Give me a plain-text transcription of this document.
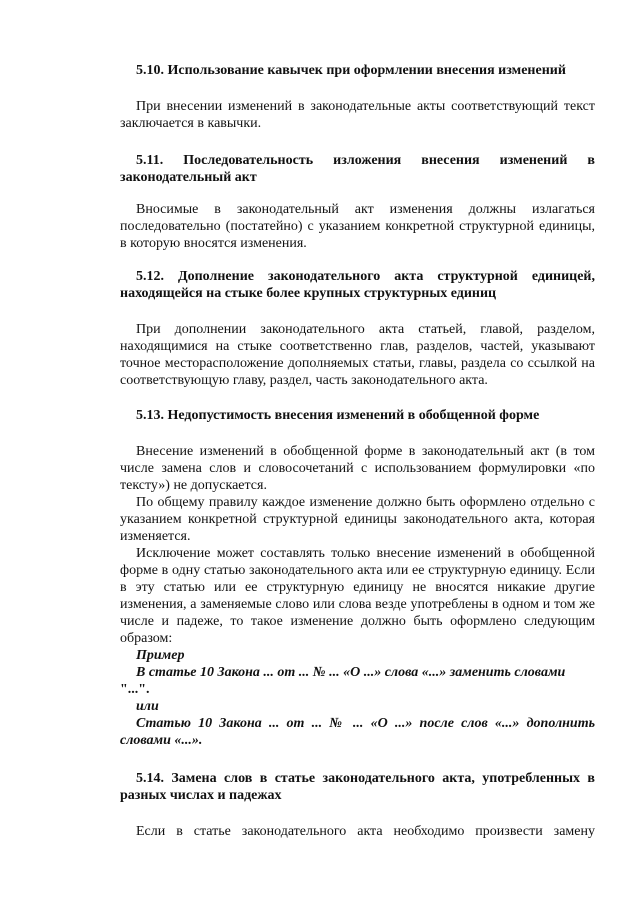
5.10. Использование кавычек при оформлении внесения изменений

При внесении изменений в законодательные акты соответствующий текст заключается в кавычки.

5.11. Последовательность изложения внесения изменений в законодательный акт

Вносимые в законодательный акт изменения должны излагаться последовательно (постатейно) с указанием конкретной структурной единицы, в которую вносятся изменения.

5.12. Дополнение законодательного акта структурной единицей, находящейся на стыке более крупных структурных единиц

При дополнении законодательного акта статьей, главой, разделом, находящимися на стыке соответственно глав, разделов, частей, указывают точное месторасположение дополняемых статьи, главы, раздела со ссылкой на соответствующую главу, раздел, часть законодательного акта.

5.13. Недопустимость внесения изменений в обобщенной форме

Внесение изменений в обобщенной форме в законодательный акт (в том числе замена слов и словосочетаний с использованием формулировки «по тексту») не допускается.

По общему правилу каждое изменение должно быть оформлено отдельно с указанием конкретной структурной единицы законодательного акта, которая изменяется.

Исключение может составлять только внесение изменений в обобщенной форме в одну статью законодательного акта или ее структурную единицу. Если в эту статью или ее структурную единицу не вносятся никакие другие изменения, а заменяемые слово или слова везде употреблены в одном и том же числе и падеже, то такое изменение должно быть оформлено следующим образом:

Пример

В статье 10 Закона ... от ... № ... «О ...» слова «...» заменить словами

"...".

или

Статью 10 Закона ... от ... № ... «О ...» после слов «...» дополнить словами «...».

5.14. Замена слов в статье законодательного акта, употребленных в разных числах и падежах

Если в статье законодательного акта необходимо произвести замену
